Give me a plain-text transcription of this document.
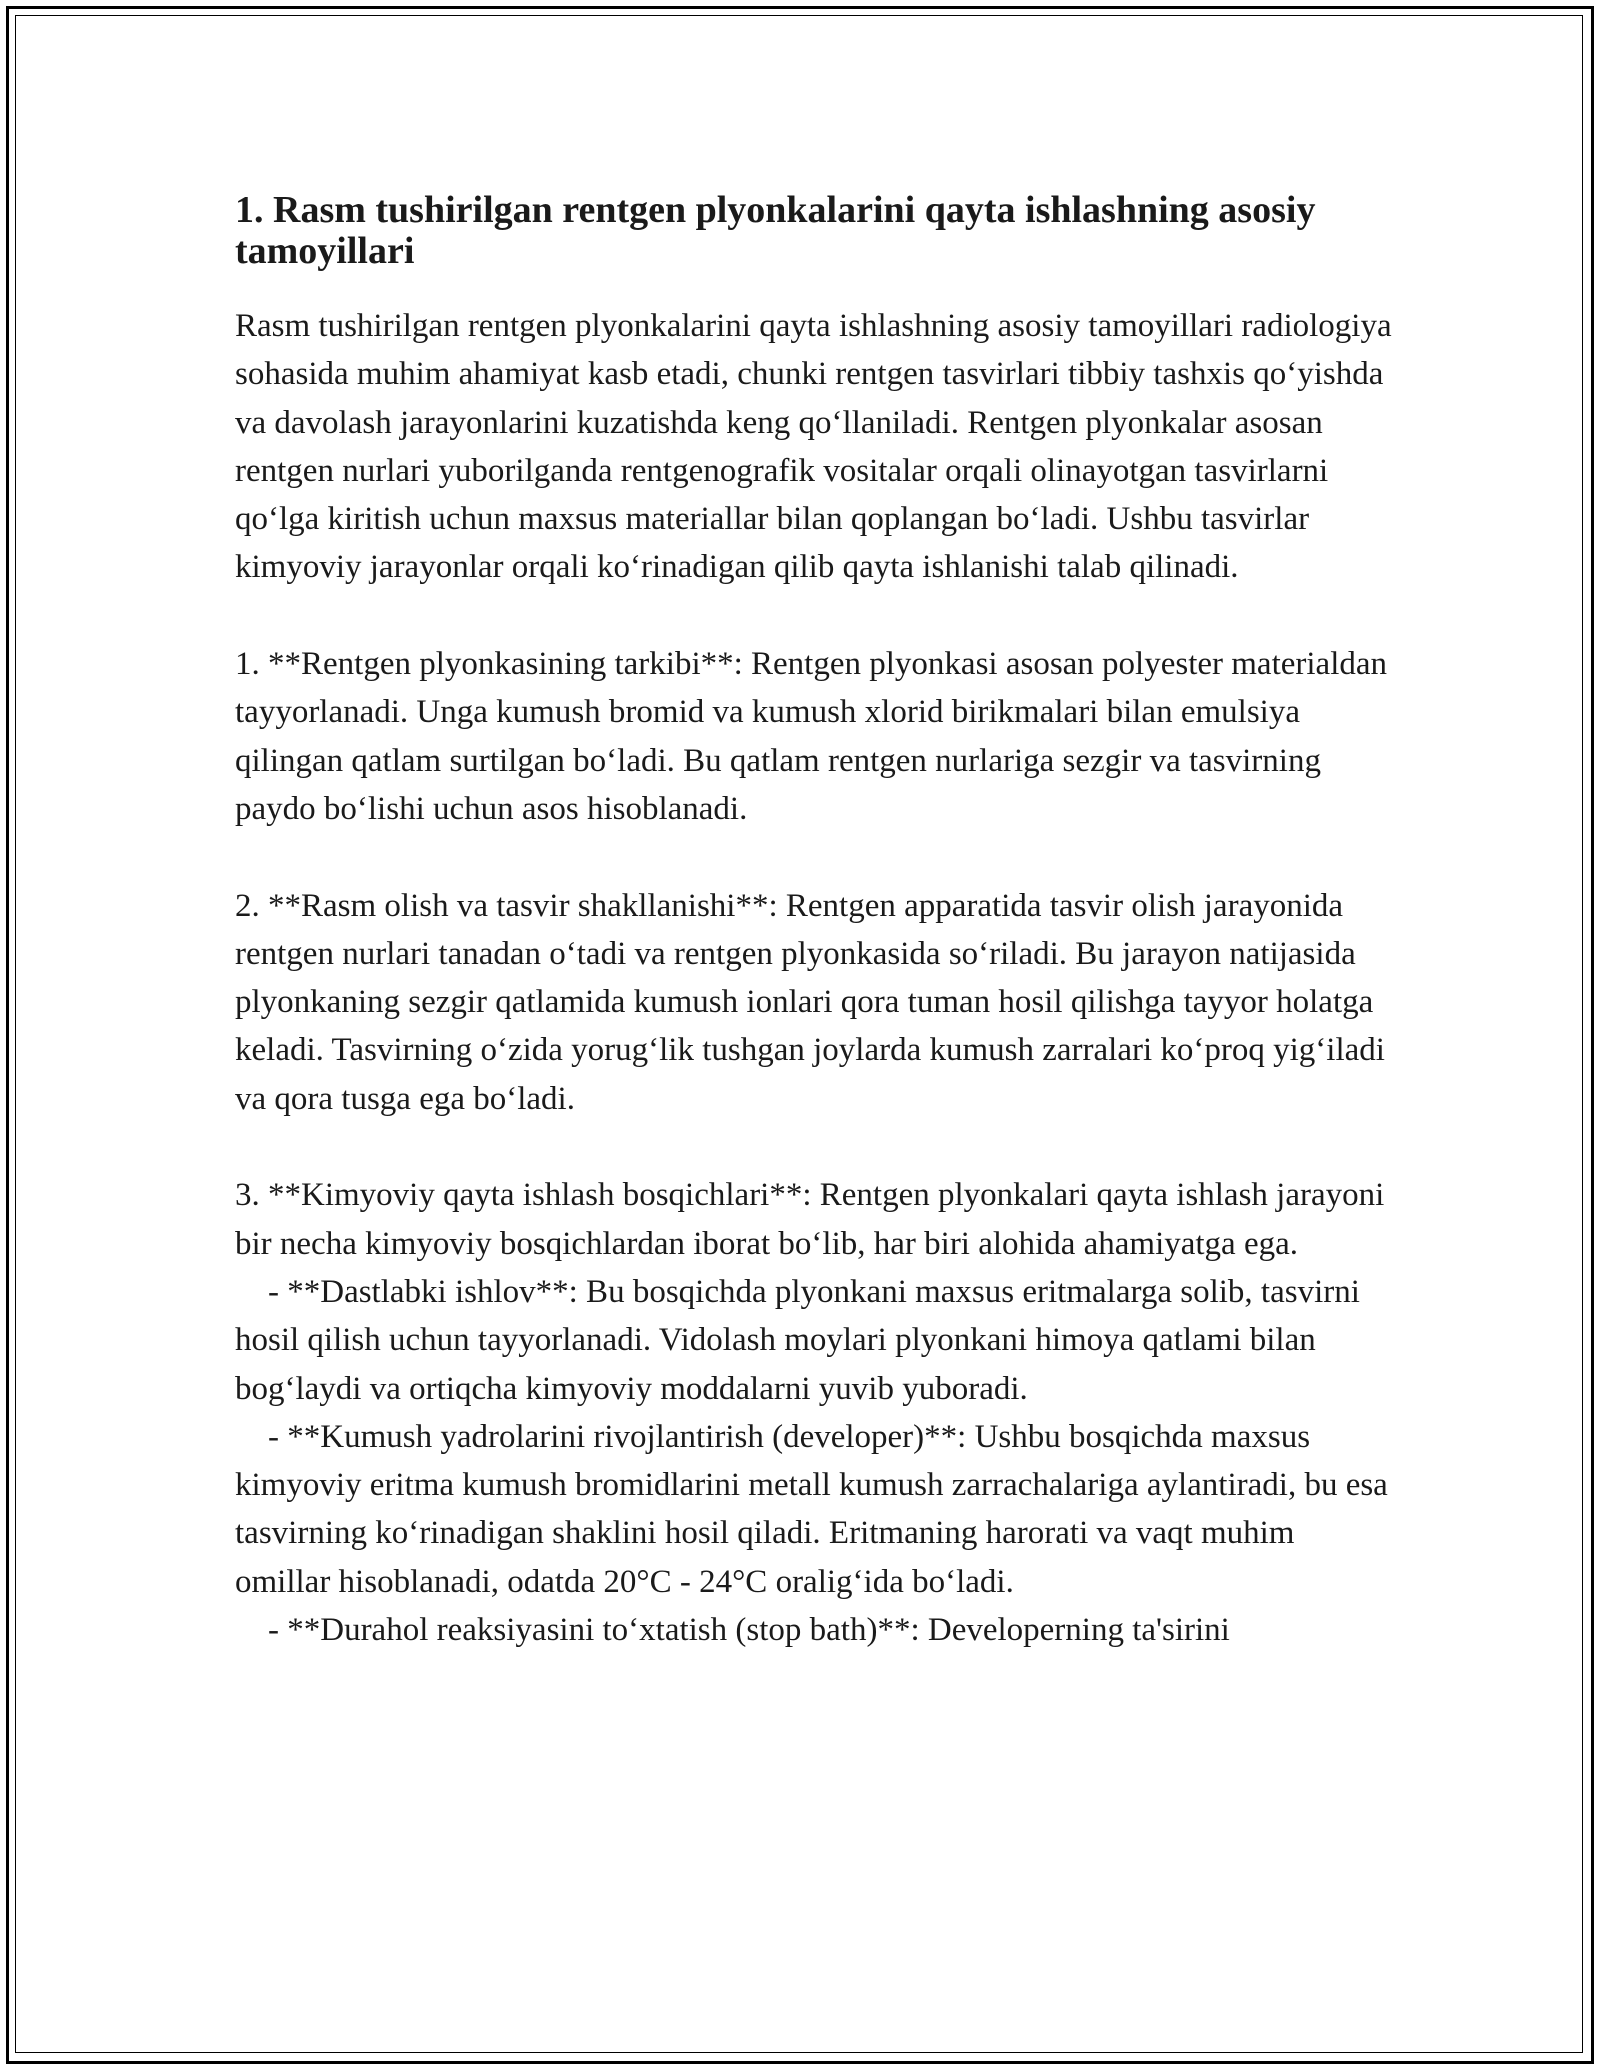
1. Rasm tushirilgan rentgen plyonkalarini qayta ishlashning asosiy tamoyillari

Rasm tushirilgan rentgen plyonkalarini qayta ishlashning asosiy tamoyillari radiologiya sohasida muhim ahamiyat kasb etadi, chunki rentgen tasvirlari tibbiy tashxis qo‘yishda va davolash jarayonlarini kuzatishda keng qo‘llaniladi. Rentgen plyonkalar asosan rentgen nurlari yuborilganda rentgenografik vositalar orqali olinayotgan tasvirlarni qo‘lga kiritish uchun maxsus materiallar bilan qoplangan bo‘ladi. Ushbu tasvirlar kimyoviy jarayonlar orqali ko‘rinadigan qilib qayta ishlanishi talab qilinadi.

1. **Rentgen plyonkasining tarkibi**: Rentgen plyonkasi asosan polyester materialdan tayyorlanadi. Unga kumush bromid va kumush xlorid birikmalari bilan emulsiya qilingan qatlam surtilgan bo‘ladi. Bu qatlam rentgen nurlariga sezgir va tasvirning paydo bo‘lishi uchun asos hisoblanadi.

2. **Rasm olish va tasvir shakllanishi**: Rentgen apparatida tasvir olish jarayonida rentgen nurlari tanadan o‘tadi va rentgen plyonkasida so‘riladi. Bu jarayon natijasida plyonkaning sezgir qatlamida kumush ionlari qora tuman hosil qilishga tayyor holatga keladi. Tasvirning o‘zida yorug‘lik tushgan joylarda kumush zarralari ko‘proq yig‘iladi va qora tusga ega bo‘ladi.

3. **Kimyoviy qayta ishlash bosqichlari**: Rentgen plyonkalari qayta ishlash jarayoni bir necha kimyoviy bosqichlardan iborat bo‘lib, har biri alohida ahamiyatga ega.

- **Dastlabki ishlov**: Bu bosqichda plyonkani maxsus eritmalarga solib, tasvirni hosil qilish uchun tayyorlanadi. Vidolash moylari plyonkani himoya qatlami bilan bog‘laydi va ortiqcha kimyoviy moddalarni yuvib yuboradi.

- **Kumush yadrolarini rivojlantirish (developer)**: Ushbu bosqichda maxsus kimyoviy eritma kumush bromidlarini metall kumush zarrachalariga aylantiradi, bu esa tasvirning ko‘rinadigan shaklini hosil qiladi. Eritmaning harorati va vaqt muhim omillar hisoblanadi, odatda 20°C - 24°C oralig‘ida bo‘ladi.

- **Durahol reaksiyasini to‘xtatish (stop bath)**: Developerning ta'sirini
